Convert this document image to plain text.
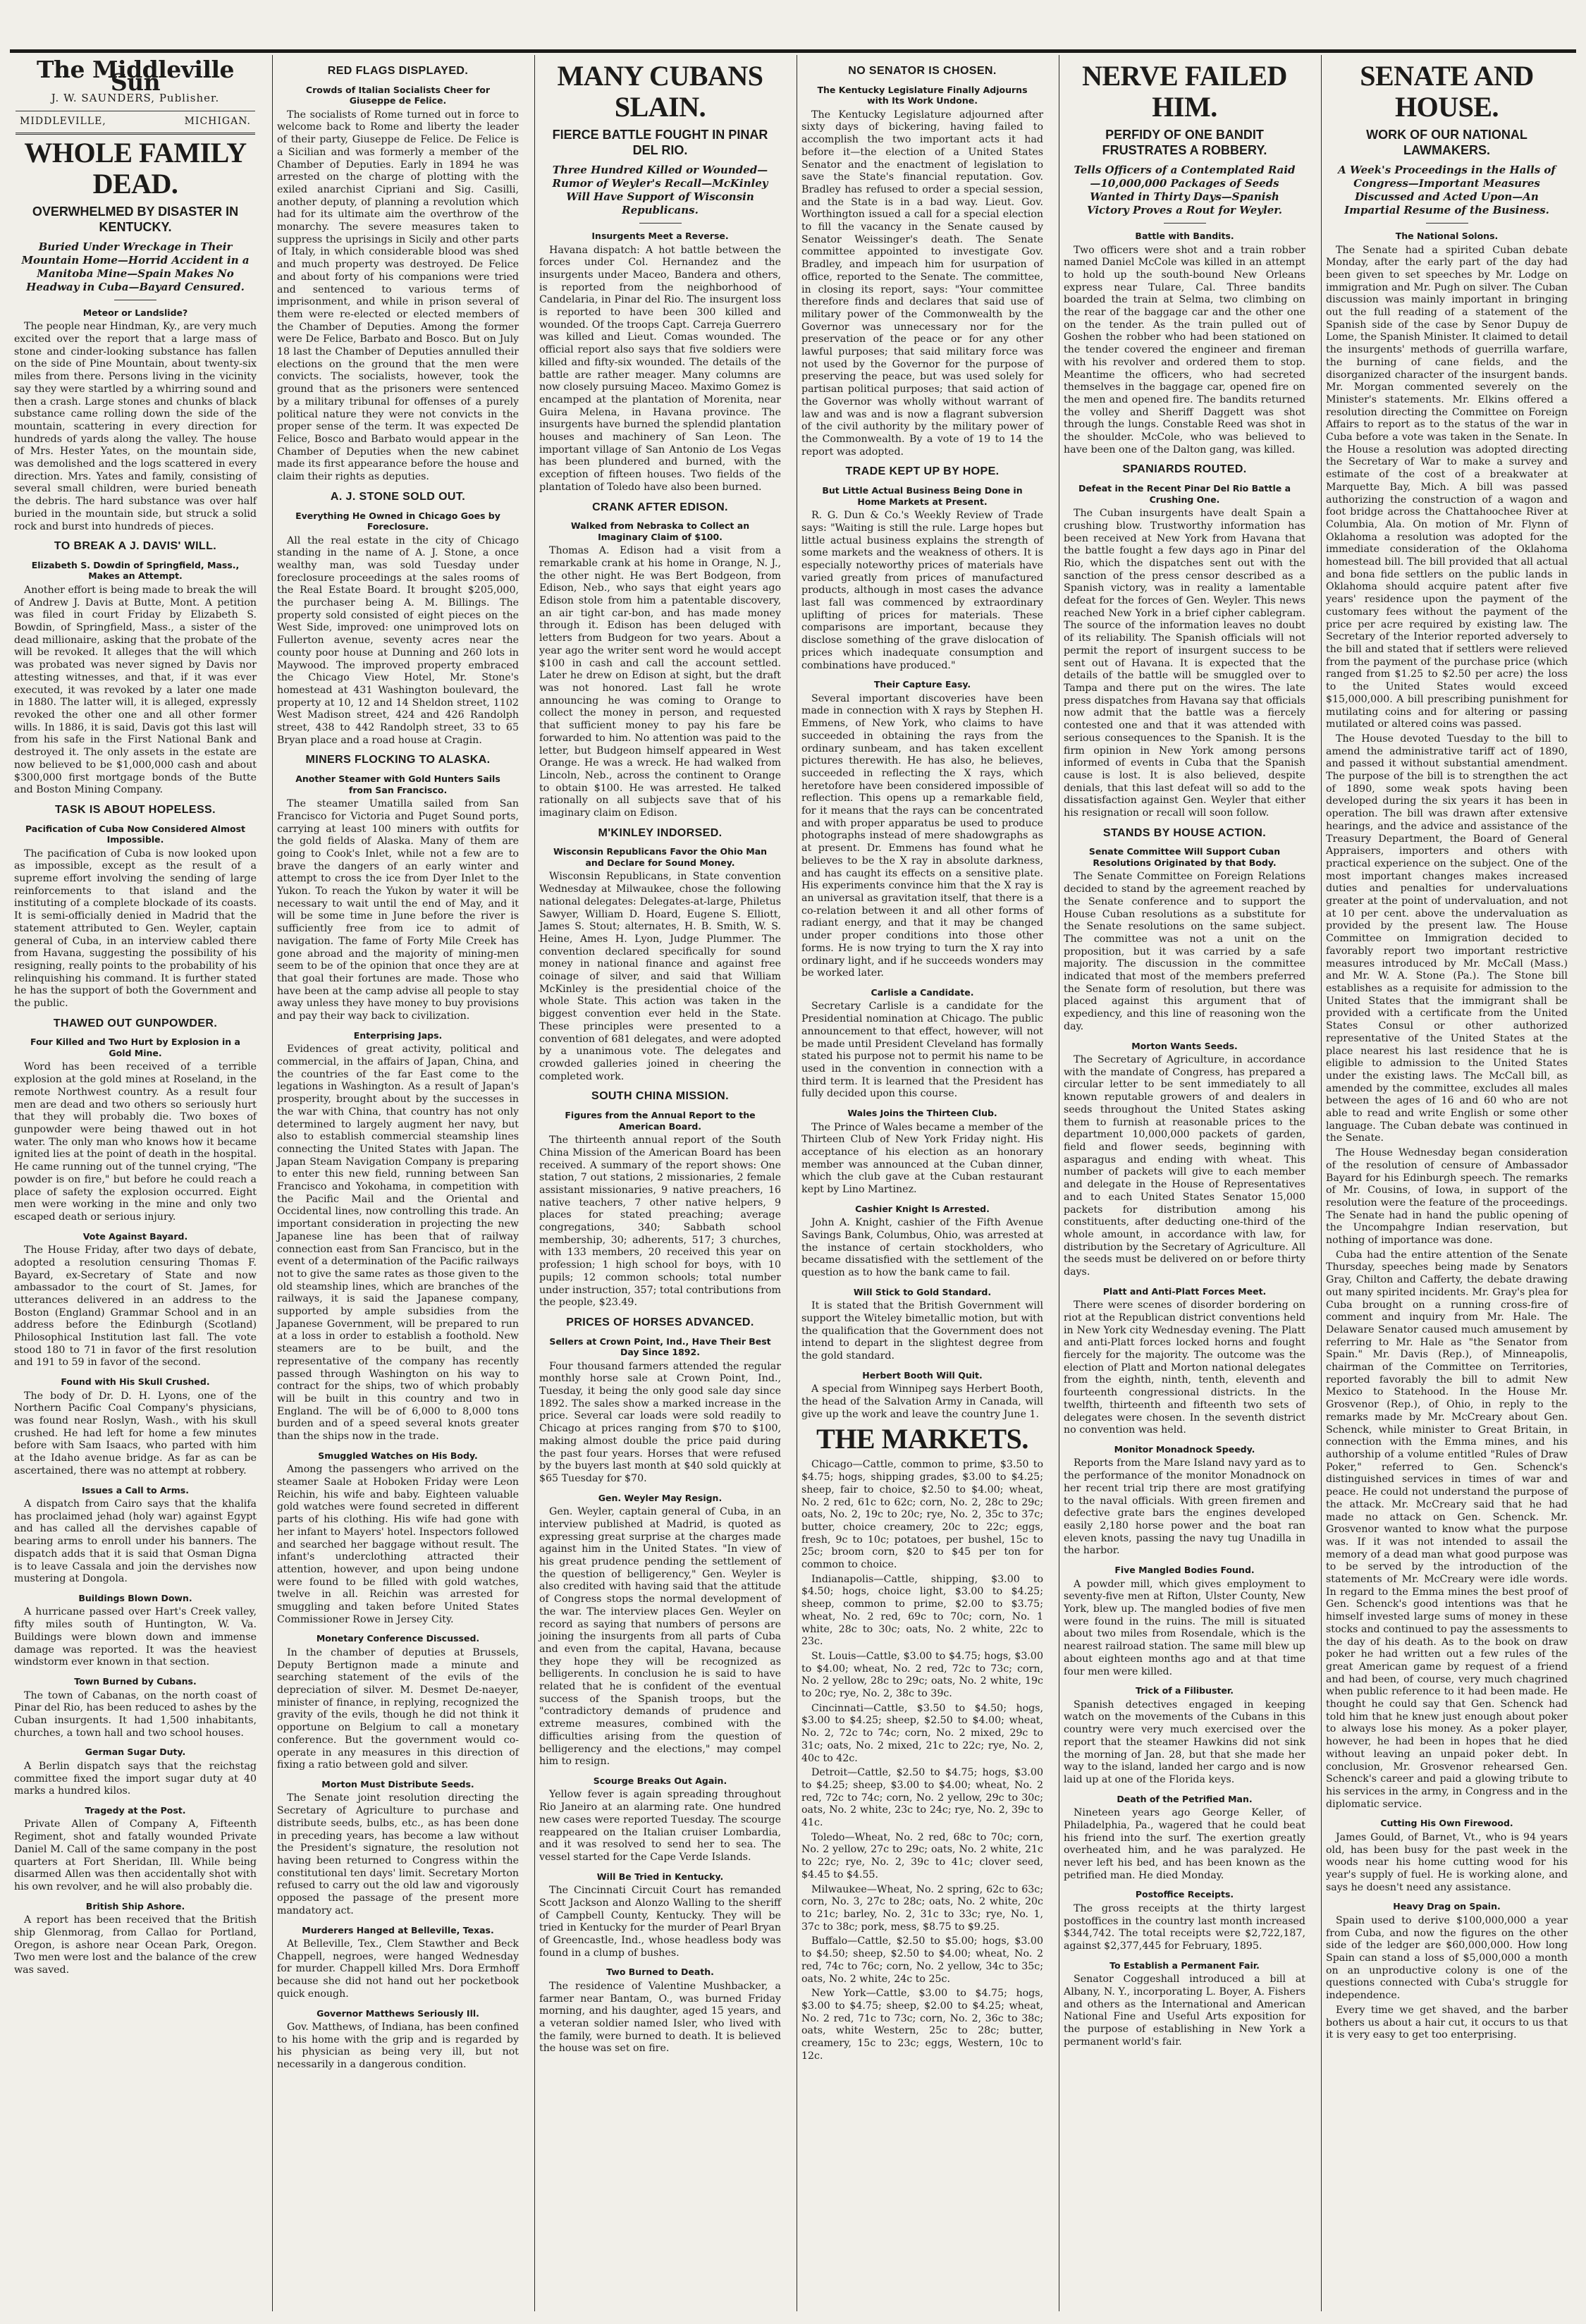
The Middleville Sun
J. W. SAUNDERS, Publisher.
MIDDLEVILLE,	MICHIGAN.
WHOLE FAMILY DEAD.
OVERWHELMED BY DISASTER IN KENTUCKY.
Buried Under Wreckage in Their Mountain Home—Horrid Accident in a Manitoba Mine—Spain Makes No Headway in Cuba—Bayard Censured.
Meteor or Landslide?

The people near Hindman, Ky., are very much excited over the report that a large mass of stone and cinder-looking substance has fallen on the side of Pine Mountain, about twenty-six miles from there. Persons living in the vicinity say they were startled by a whirring sound and then a crash. Large stones and chunks of black substance came rolling down the side of the mountain, scattering in every direction for hundreds of yards along the valley. The house of Mrs. Hester Yates, on the mountain side, was demolished and the logs scattered in every direction. Mrs. Yates and family, consisting of several small children, were buried beneath the debris. The hard substance was over half buried in the mountain side, but struck a solid rock and burst into hundreds of pieces.

TO BREAK A J. DAVIS' WILL.
Elizabeth S. Dowdin of Springfield, Mass., Makes an Attempt.

Another effort is being made to break the will of Andrew J. Davis at Butte, Mont. A petition was filed in court Friday by Elizabeth S. Bowdin, of Springfield, Mass., a sister of the dead millionaire, asking that the probate of the will be revoked. It alleges that the will which was probated was never signed by Davis nor attesting witnesses, and that, if it was ever executed, it was revoked by a later one made in 1880. The latter will, it is alleged, expressly revoked the other one and all other former wills. In 1886, it is said, Davis got this last will from his safe in the First National Bank and destroyed it. The only assets in the estate are now believed to be $1,000,000 cash and about $300,000 first mortgage bonds of the Butte and Boston Mining Company.

TASK IS ABOUT HOPELESS.
Pacification of Cuba Now Considered Almost Impossible.

The pacification of Cuba is now looked upon as impossible, except as the result of a supreme effort involving the sending of large reinforcements to that island and the instituting of a complete blockade of its coasts. It is semi-officially denied in Madrid that the statement attributed to Gen. Weyler, captain general of Cuba, in an interview cabled there from Havana, suggesting the possibility of his resigning, really points to the probability of his relinquishing his command. It is further stated he has the support of both the Government and the public.

THAWED OUT GUNPOWDER.
Four Killed and Two Hurt by Explosion in a Gold Mine.

Word has been received of a terrible explosion at the gold mines at Roseland, in the remote Northwest country. As a result four men are dead and two others so seriously hurt that they will probably die. Two boxes of gunpowder were being thawed out in hot water. The only man who knows how it became ignited lies at the point of death in the hospital. He came running out of the tunnel crying, "The powder is on fire," but before he could reach a place of safety the explosion occurred. Eight men were working in the mine and only two escaped death or serious injury.

Vote Against Bayard.

The House Friday, after two days of debate, adopted a resolution censuring Thomas F. Bayard, ex-Secretary of State and now ambassador to the court of St. James, for utterances delivered in an address to the Boston (England) Grammar School and in an address before the Edinburgh (Scotland) Philosophical Institution last fall. The vote stood 180 to 71 in favor of the first resolution and 191 to 59 in favor of the second.

Found with His Skull Crushed.

The body of Dr. D. H. Lyons, one of the Northern Pacific Coal Company's physicians, was found near Roslyn, Wash., with his skull crushed. He had left for home a few minutes before with Sam Isaacs, who parted with him at the Idaho avenue bridge. As far as can be ascertained, there was no attempt at robbery.

Issues a Call to Arms.

A dispatch from Cairo says that the khalifa has proclaimed jehad (holy war) against Egypt and has called all the dervishes capable of bearing arms to enroll under his banners. The dispatch adds that it is said that Osman Digna is to leave Cassala and join the dervishes now mustering at Dongola.

Buildings Blown Down.

A hurricane passed over Hart's Creek valley, fifty miles south of Huntington, W. Va. Buildings were blown down and immense damage was reported. It was the heaviest windstorm ever known in that section.

Town Burned by Cubans.

The town of Cabanas, on the north coast of Pinar del Rio, has been reduced to ashes by the Cuban insurgents. It had 1,500 inhabitants, churches, a town hall and two school houses.

German Sugar Duty.

A Berlin dispatch says that the reichstag committee fixed the import sugar duty at 40 marks a hundred kilos.

Tragedy at the Post.

Private Allen of Company A, Fifteenth Regiment, shot and fatally wounded Private Daniel M. Call of the same company in the post quarters at Fort Sheridan, Ill. While being disarmed Allen was then accidentally shot with his own revolver, and he will also probably die.

British Ship Ashore.

A report has been received that the British ship Glenmorag, from Callao for Portland, Oregon, is ashore near Ocean Park, Oregon. Two men were lost and the balance of the crew was saved.

RED FLAGS DISPLAYED.
Crowds of Italian Socialists Cheer for Giuseppe de Felice.

The socialists of Rome turned out in force to welcome back to Rome and liberty the leader of their party, Giuseppe de Felice. De Felice is a Sicilian and was formerly a member of the Chamber of Deputies. Early in 1894 he was arrested on the charge of plotting with the exiled anarchist Cipriani and Sig. Casilli, another deputy, of planning a revolution which had for its ultimate aim the overthrow of the monarchy. The severe measures taken to suppress the uprisings in Sicily and other parts of Italy, in which considerable blood was shed and much property was destroyed. De Felice and about forty of his companions were tried and sentenced to various terms of imprisonment, and while in prison several of them were re-elected or elected members of the Chamber of Deputies. Among the former were De Felice, Barbato and Bosco. But on July 18 last the Chamber of Deputies annulled their elections on the ground that the men were convicts. The socialists, however, took the ground that as the prisoners were sentenced by a military tribunal for offenses of a purely political nature they were not convicts in the proper sense of the term. It was expected De Felice, Bosco and Barbato would appear in the Chamber of Deputies when the new cabinet made its first appearance before the house and claim their rights as deputies.

A. J. STONE SOLD OUT.
Everything He Owned in Chicago Goes by Foreclosure.

All the real estate in the city of Chicago standing in the name of A. J. Stone, a once wealthy man, was sold Tuesday under foreclosure proceedings at the sales rooms of the Real Estate Board. It brought $205,000, the purchaser being A. M. Billings. The property sold consisted of eight pieces on the West Side, improved: one unimproved lots on Fullerton avenue, seventy acres near the county poor house at Dunning and 260 lots in Maywood. The improved property embraced the Chicago View Hotel, Mr. Stone's homestead at 431 Washington boulevard, the property at 10, 12 and 14 Sheldon street, 1102 West Madison street, 424 and 426 Randolph street, 438 to 442 Randolph street, 33 to 65 Bryan place and a road house at Cragin.

MINERS FLOCKING TO ALASKA.
Another Steamer with Gold Hunters Sails from San Francisco.

The steamer Umatilla sailed from San Francisco for Victoria and Puget Sound ports, carrying at least 100 miners with outfits for the gold fields of Alaska. Many of them are going to Cook's Inlet, while not a few are to brave the dangers of an early winter and attempt to cross the ice from Dyer Inlet to the Yukon. To reach the Yukon by water it will be necessary to wait until the end of May, and it will be some time in June before the river is sufficiently free from ice to admit of navigation. The fame of Forty Mile Creek has gone abroad and the majority of mining-men seem to be of the opinion that once they are at that goal their fortunes are made. Those who have been at the camp advise all people to stay away unless they have money to buy provisions and pay their way back to civilization.

Enterprising Japs.

Evidences of great activity, political and commercial, in the affairs of Japan, China, and the countries of the far East come to the legations in Washington. As a result of Japan's prosperity, brought about by the successes in the war with China, that country has not only determined to largely augment her navy, but also to establish commercial steamship lines connecting the United States with Japan. The Japan Steam Navigation Company is preparing to enter this new field, running between San Francisco and Yokohama, in competition with the Pacific Mail and the Oriental and Occidental lines, now controlling this trade. An important consideration in projecting the new Japanese line has been that of railway connection east from San Francisco, but in the event of a determination of the Pacific railways not to give the same rates as those given to the old steamship lines, which are branches of the railways, it is said the Japanese company, supported by ample subsidies from the Japanese Government, will be prepared to run at a loss in order to establish a foothold. New steamers are to be built, and the representative of the company has recently passed through Washington on his way to contract for the ships, two of which probably will be built in this country and two in England. The will be of 6,000 to 8,000 tons burden and of a speed several knots greater than the ships now in the trade.

Smuggled Watches on His Body.

Among the passengers who arrived on the steamer Saale at Hoboken Friday were Leon Reichin, his wife and baby. Eighteen valuable gold watches were found secreted in different parts of his clothing. His wife had gone with her infant to Mayers' hotel. Inspectors followed and searched her baggage without result. The infant's underclothing attracted their attention, however, and upon being undone were found to be filled with gold watches, twelve in all. Reichin was arrested for smuggling and taken before United States Commissioner Rowe in Jersey City.

Monetary Conference Discussed.

In the chamber of deputies at Brussels, Deputy Bertignon made a minute and searching statement of the evils of the depreciation of silver. M. Desmet De-naeyer, minister of finance, in replying, recognized the gravity of the evils, though he did not think it opportune on Belgium to call a monetary conference. But the government would co-operate in any measures in this direction of fixing a ratio between gold and silver.

Morton Must Distribute Seeds.

The Senate joint resolution directing the Secretary of Agriculture to purchase and distribute seeds, bulbs, etc., as has been done in preceding years, has become a law without the President's signature, the resolution not having been returned to Congress within the constitutional ten days' limit. Secretary Morton refused to carry out the old law and vigorously opposed the passage of the present more mandatory act.

Murderers Hanged at Belleville, Texas.

At Belleville, Tex., Clem Stawther and Beck Chappell, negroes, were hanged Wednesday for murder. Chappell killed Mrs. Dora Ermhoff because she did not hand out her pocketbook quick enough.

Governor Matthews Seriously Ill.

Gov. Matthews, of Indiana, has been confined to his home with the grip and is regarded by his physician as being very ill, but not necessarily in a dangerous condition.

MANY CUBANS SLAIN.
FIERCE BATTLE FOUGHT IN PINAR DEL RIO.
Three Hundred Killed or Wounded—Rumor of Weyler's Recall—McKinley Will Have Support of Wisconsin Republicans.
Insurgents Meet a Reverse.

Havana dispatch: A hot battle between the forces under Col. Hernandez and the insurgents under Maceo, Bandera and others, is reported from the neighborhood of Candelaria, in Pinar del Rio. The insurgent loss is reported to have been 300 killed and wounded. Of the troops Capt. Carreja Guerrero was killed and Lieut. Comas wounded. The official report also says that five soldiers were killed and fifty-six wounded. The details of the battle are rather meager. Many columns are now closely pursuing Maceo. Maximo Gomez is encamped at the plantation of Morenita, near Guira Melena, in Havana province. The insurgents have burned the splendid plantation houses and machinery of San Leon. The important village of San Antonio de Los Vegas has been plundered and burned, with the exception of fifteen houses. Two fields of the plantation of Toledo have also been burned.

CRANK AFTER EDISON.
Walked from Nebraska to Collect an Imaginary Claim of $100.

Thomas A. Edison had a visit from a remarkable crank at his home in Orange, N. J., the other night. He was Bert Bodgeon, from Edison, Neb., who says that eight years ago Edison stole from him a patentable discovery, an air tight car-bon, and has made money through it. Edison has been deluged with letters from Budgeon for two years. About a year ago the writer sent word he would accept $100 in cash and call the account settled. Later he drew on Edison at sight, but the draft was not honored. Last fall he wrote announcing he was coming to Orange to collect the money in person, and requested that sufficient money to pay his fare be forwarded to him. No attention was paid to the letter, but Budgeon himself appeared in West Orange. He was a wreck. He had walked from Lincoln, Neb., across the continent to Orange to obtain $100. He was arrested. He talked rationally on all subjects save that of his imaginary claim on Edison.

M'KINLEY INDORSED.
Wisconsin Republicans Favor the Ohio Man and Declare for Sound Money.

Wisconsin Republicans, in State convention Wednesday at Milwaukee, chose the following national delegates: Delegates-at-large, Philetus Sawyer, William D. Hoard, Eugene S. Elliott, James S. Stout; alternates, H. B. Smith, W. S. Heine, Ames H. Lyon, Judge Plummer. The convention declared specifically for sound money in national finance and against free coinage of silver, and said that William McKinley is the presidential choice of the whole State. This action was taken in the biggest convention ever held in the State. These principles were presented to a convention of 681 delegates, and were adopted by a unanimous vote. The delegates and crowded galleries joined in cheering the completed work.

SOUTH CHINA MISSION.
Figures from the Annual Report to the American Board.

The thirteenth annual report of the South China Mission of the American Board has been received. A summary of the report shows: One station, 7 out stations, 2 missionaries, 2 female assistant missionaries, 9 native preachers, 16 native teachers, 7 other native helpers, 9 places for stated preaching; average congregations, 340; Sabbath school membership, 30; adherents, 517; 3 churches, with 133 members, 20 received this year on profession; 1 high school for boys, with 10 pupils; 12 common schools; total number under instruction, 357; total contributions from the people, $23.49.

PRICES OF HORSES ADVANCED.
Sellers at Crown Point, Ind., Have Their Best Day Since 1892.

Four thousand farmers attended the regular monthly horse sale at Crown Point, Ind., Tuesday, it being the only good sale day since 1892. The sales show a marked increase in the price. Several car loads were sold readily to Chicago at prices ranging from $70 to $100, making almost double the price paid during the past four years. Horses that were refused by the buyers last month at $40 sold quickly at $65 Tuesday for $70.

Gen. Weyler May Resign.

Gen. Weyler, captain general of Cuba, in an interview published at Madrid, is quoted as expressing great surprise at the charges made against him in the United States. "In view of his great prudence pending the settlement of the question of belligerency," Gen. Weyler is also credited with having said that the attitude of Congress stops the normal development of the war. The interview places Gen. Weyler on record as saying that numbers of persons are joining the insurgents from all parts of Cuba and even from the capital, Havana, because they hope they will be recognized as belligerents. In conclusion he is said to have related that he is confident of the eventual success of the Spanish troops, but the "contradictory demands of prudence and extreme measures, combined with the difficulties arising from the question of belligerency and the elections," may compel him to resign.

Scourge Breaks Out Again.

Yellow fever is again spreading throughout Rio Janeiro at an alarming rate. One hundred new cases were reported Tuesday. The scourge reappeared on the Italian cruiser Lombardia, and it was resolved to send her to sea. The vessel started for the Cape Verde Islands.

Will Be Tried in Kentucky.

The Cincinnati Circuit Court has remanded Scott Jackson and Alonzo Walling to the sheriff of Campbell County, Kentucky. They will be tried in Kentucky for the murder of Pearl Bryan of Greencastle, Ind., whose headless body was found in a clump of bushes.

Two Burned to Death.

The residence of Valentine Mushbacker, a farmer near Bantam, O., was burned Friday morning, and his daughter, aged 15 years, and a veteran soldier named Isler, who lived with the family, were burned to death. It is believed the house was set on fire.

NO SENATOR IS CHOSEN.
The Kentucky Legislature Finally Adjourns with Its Work Undone.

The Kentucky Legislature adjourned after sixty days of bickering, having failed to accomplish the two important acts it had before it—the election of a United States Senator and the enactment of legislation to save the State's financial reputation. Gov. Bradley has refused to order a special session, and the State is in a bad way. Lieut. Gov. Worthington issued a call for a special election to fill the vacancy in the Senate caused by Senator Weissinger's death. The Senate committee appointed to investigate Gov. Bradley, and impeach him for usurpation of office, reported to the Senate. The committee, in closing its report, says: "Your committee therefore finds and declares that said use of military power of the Commonwealth by the Governor was unnecessary nor for the preservation of the peace or for any other lawful purposes; that said military force was not used by the Governor for the purpose of preserving the peace, but was used solely for partisan political purposes; that said action of the Governor was wholly without warrant of law and was and is now a flagrant subversion of the civil authority by the military power of the Commonwealth. By a vote of 19 to 14 the report was adopted.

TRADE KEPT UP BY HOPE.
But Little Actual Business Being Done in Home Markets at Present.

R. G. Dun & Co.'s Weekly Review of Trade says: "Waiting is still the rule. Large hopes but little actual business explains the strength of some markets and the weakness of others. It is especially noteworthy prices of materials have varied greatly from prices of manufactured products, although in most cases the advance last fall was commenced by extraordinary uplifting of prices for materials. These comparisons are important, because they disclose something of the grave dislocation of prices which inadequate consumption and combinations have produced."

Their Capture Easy.

Several important discoveries have been made in connection with X rays by Stephen H. Emmens, of New York, who claims to have succeeded in obtaining the rays from the ordinary sunbeam, and has taken excellent pictures therewith. He has also, he believes, succeeded in reflecting the X rays, which heretofore have been considered impossible of reflection. This opens up a remarkable field, for it means that the rays can be concentrated and with proper apparatus be used to produce photographs instead of mere shadowgraphs as at present. Dr. Emmens has found what he believes to be the X ray in absolute darkness, and has caught its effects on a sensitive plate. His experiments convince him that the X ray is an universal as gravitation itself, that there is a co-relation between it and all other forms of radiant energy, and that it may be changed under proper conditions into those other forms. He is now trying to turn the X ray into ordinary light, and if he succeeds wonders may be worked later.

Carlisle a Candidate.

Secretary Carlisle is a candidate for the Presidential nomination at Chicago. The public announcement to that effect, however, will not be made until President Cleveland has formally stated his purpose not to permit his name to be used in the convention in connection with a third term. It is learned that the President has fully decided upon this course.

Wales Joins the Thirteen Club.

The Prince of Wales became a member of the Thirteen Club of New York Friday night. His acceptance of his election as an honorary member was announced at the Cuban dinner, which the club gave at the Cuban restaurant kept by Lino Martinez.

Cashier Knight Is Arrested.

John A. Knight, cashier of the Fifth Avenue Savings Bank, Columbus, Ohio, was arrested at the instance of certain stockholders, who became dissatisfied with the settlement of the question as to how the bank came to fail.

Will Stick to Gold Standard.

It is stated that the British Government will support the Witeley bimetallic motion, but with the qualification that the Government does not intend to depart in the slightest degree from the gold standard.

Herbert Booth Will Quit.

A special from Winnipeg says Herbert Booth, the head of the Salvation Army in Canada, will give up the work and leave the country June 1.

THE MARKETS.

Chicago—Cattle, common to prime, $3.50 to $4.75; hogs, shipping grades, $3.00 to $4.25; sheep, fair to choice, $2.50 to $4.00; wheat, No. 2 red, 61c to 62c; corn, No. 2, 28c to 29c; oats, No. 2, 19c to 20c; rye, No. 2, 35c to 37c; butter, choice creamery, 20c to 22c; eggs, fresh, 9c to 10c; potatoes, per bushel, 15c to 25c; broom corn, $20 to $45 per ton for common to choice.

Indianapolis—Cattle, shipping, $3.00 to $4.50; hogs, choice light, $3.00 to $4.25; sheep, common to prime, $2.00 to $3.75; wheat, No. 2 red, 69c to 70c; corn, No. 1 white, 28c to 30c; oats, No. 2 white, 22c to 23c.

St. Louis—Cattle, $3.00 to $4.75; hogs, $3.00 to $4.00; wheat, No. 2 red, 72c to 73c; corn, No. 2 yellow, 28c to 29c; oats, No. 2 white, 19c to 20c; rye, No. 2, 38c to 39c.

Cincinnati—Cattle, $3.50 to $4.50; hogs, $3.00 to $4.25; sheep, $2.50 to $4.00; wheat, No. 2, 72c to 74c; corn, No. 2 mixed, 29c to 31c; oats, No. 2 mixed, 21c to 22c; rye, No. 2, 40c to 42c.

Detroit—Cattle, $2.50 to $4.75; hogs, $3.00 to $4.25; sheep, $3.00 to $4.00; wheat, No. 2 red, 72c to 74c; corn, No. 2 yellow, 29c to 30c; oats, No. 2 white, 23c to 24c; rye, No. 2, 39c to 41c.

Toledo—Wheat, No. 2 red, 68c to 70c; corn, No. 2 yellow, 27c to 29c; oats, No. 2 white, 21c to 22c; rye, No. 2, 39c to 41c; clover seed, $4.45 to $4.55.

Milwaukee—Wheat, No. 2 spring, 62c to 63c; corn, No. 3, 27c to 28c; oats, No. 2 white, 20c to 21c; barley, No. 2, 31c to 33c; rye, No. 1, 37c to 38c; pork, mess, $8.75 to $9.25.

Buffalo—Cattle, $2.50 to $5.00; hogs, $3.00 to $4.50; sheep, $2.50 to $4.00; wheat, No. 2 red, 74c to 76c; corn, No. 2 yellow, 34c to 35c; oats, No. 2 white, 24c to 25c.

New York—Cattle, $3.00 to $4.75; hogs, $3.00 to $4.75; sheep, $2.00 to $4.25; wheat, No. 2 red, 71c to 73c; corn, No. 2, 36c to 38c; oats, white Western, 25c to 28c; butter, creamery, 15c to 23c; eggs, Western, 10c to 12c.

NERVE FAILED HIM.
PERFIDY OF ONE BANDIT FRUSTRATES A ROBBERY.
Tells Officers of a Contemplated Raid —10,000,000 Packages of Seeds Wanted in Thirty Days—Spanish Victory Proves a Rout for Weyler.
Battle with Bandits.

Two officers were shot and a train robber named Daniel McCole was killed in an attempt to hold up the south-bound New Orleans express near Tulare, Cal. Three bandits boarded the train at Selma, two climbing on the rear of the baggage car and the other one on the tender. As the train pulled out of Goshen the robber who had been stationed on the tender covered the engineer and fireman with his revolver and ordered them to stop. Meantime the officers, who had secreted themselves in the baggage car, opened fire on the men and opened fire. The bandits returned the volley and Sheriff Daggett was shot through the lungs. Constable Reed was shot in the shoulder. McCole, who was believed to have been one of the Dalton gang, was killed.

SPANIARDS ROUTED.
Defeat in the Recent Pinar Del Rio Battle a Crushing One.

The Cuban insurgents have dealt Spain a crushing blow. Trustworthy information has been received at New York from Havana that the battle fought a few days ago in Pinar del Rio, which the dispatches sent out with the sanction of the press censor described as a Spanish victory, was in reality a lamentable defeat for the forces of Gen. Weyler. This news reached New York in a brief cipher cablegram. The source of the information leaves no doubt of its reliability. The Spanish officials will not permit the report of insurgent success to be sent out of Havana. It is expected that the details of the battle will be smuggled over to Tampa and there put on the wires. The late press dispatches from Havana say that officials now admit that the battle was a fiercely contested one and that it was attended with serious consequences to the Spanish. It is the firm opinion in New York among persons informed of events in Cuba that the Spanish cause is lost. It is also believed, despite denials, that this last defeat will so add to the dissatisfaction against Gen. Weyler that either his resignation or recall will soon follow.

STANDS BY HOUSE ACTION.
Senate Committee Will Support Cuban Resolutions Originated by that Body.

The Senate Committee on Foreign Relations decided to stand by the agreement reached by the Senate conference and to support the House Cuban resolutions as a substitute for the Senate resolutions on the same subject. The committee was not a unit on the proposition, but it was carried by a safe majority. The discussion in the committee indicated that most of the members preferred the Senate form of resolution, but there was placed against this argument that of expediency, and this line of reasoning won the day.

Morton Wants Seeds.

The Secretary of Agriculture, in accordance with the mandate of Congress, has prepared a circular letter to be sent immediately to all known reputable growers of and dealers in seeds throughout the United States asking them to furnish at reasonable prices to the department 10,000,000 packets of garden, field and flower seeds, beginning with asparagus and ending with wheat. This number of packets will give to each member and delegate in the House of Representatives and to each United States Senator 15,000 packets for distribution among his constituents, after deducting one-third of the whole amount, in accordance with law, for distribution by the Secretary of Agriculture. All the seeds must be delivered on or before thirty days.

Platt and Anti-Platt Forces Meet.

There were scenes of disorder bordering on riot at the Republican district conventions held in New York city Wednesday evening. The Platt and anti-Platt forces locked horns and fought fiercely for the majority. The outcome was the election of Platt and Morton national delegates from the eighth, ninth, tenth, eleventh and fourteenth congressional districts. In the twelfth, thirteenth and fifteenth two sets of delegates were chosen. In the seventh district no convention was held.

Monitor Monadnock Speedy.

Reports from the Mare Island navy yard as to the performance of the monitor Monadnock on her recent trial trip there are most gratifying to the naval officials. With green firemen and defective grate bars the engines developed easily 2,180 horse power and the boat ran eleven knots, passing the navy tug Unadilla in the harbor.

Five Mangled Bodies Found.

A powder mill, which gives employment to seventy-five men at Rifton, Ulster County, New York, blew up. The mangled bodies of five men were found in the ruins. The mill is situated about two miles from Rosendale, which is the nearest railroad station. The same mill blew up about eighteen months ago and at that time four men were killed.

Trick of a Filibuster.

Spanish detectives engaged in keeping watch on the movements of the Cubans in this country were very much exercised over the report that the steamer Hawkins did not sink the morning of Jan. 28, but that she made her way to the island, landed her cargo and is now laid up at one of the Florida keys.

Death of the Petrified Man.

Nineteen years ago George Keller, of Philadelphia, Pa., wagered that he could beat his friend into the surf. The exertion greatly overheated him, and he was paralyzed. He never left his bed, and has been known as the petrified man. He died Monday.

Postoffice Receipts.

The gross receipts at the thirty largest postoffices in the country last month increased $344,742. The total receipts were $2,722,187, against $2,377,445 for February, 1895.

To Establish a Permanent Fair.

Senator Coggeshall introduced a bill at Albany, N. Y., incorporating L. Boyer, A. Fishers and others as the International and American National Fine and Useful Arts exposition for the purpose of establishing in New York a permanent world's fair.

SENATE AND HOUSE.
WORK OF OUR NATIONAL LAWMAKERS.
A Week's Proceedings in the Halls of Congress—Important Measures Discussed and Acted Upon—An Impartial Resume of the Business.
The National Solons.

The Senate had a spirited Cuban debate Monday, after the early part of the day had been given to set speeches by Mr. Lodge on immigration and Mr. Pugh on silver. The Cuban discussion was mainly important in bringing out the full reading of a statement of the Spanish side of the case by Senor Dupuy de Lome, the Spanish Minister. It claimed to detail the insurgents' methods of guerrilla warfare, the burning of cane fields, and the disorganized character of the insurgent bands. Mr. Morgan commented severely on the Minister's statements. Mr. Elkins offered a resolution directing the Committee on Foreign Affairs to report as to the status of the war in Cuba before a vote was taken in the Senate. In the House a resolution was adopted directing the Secretary of War to make a survey and estimate of the cost of a breakwater at Marquette Bay, Mich. A bill was passed authorizing the construction of a wagon and foot bridge across the Chattahoochee River at Columbia, Ala. On motion of Mr. Flynn of Oklahoma a resolution was adopted for the immediate consideration of the Oklahoma homestead bill. The bill provided that all actual and bona fide settlers on the public lands in Oklahoma should acquire patent after five years' residence upon the payment of the customary fees without the payment of the price per acre required by existing law. The Secretary of the Interior reported adversely to the bill and stated that if settlers were relieved from the payment of the purchase price (which ranged from $1.25 to $2.50 per acre) the loss to the United States would exceed $15,000,000. A bill prescribing punishment for mutilating coins and for altering or passing mutilated or altered coins was passed.

The House devoted Tuesday to the bill to amend the administrative tariff act of 1890, and passed it without substantial amendment. The purpose of the bill is to strengthen the act of 1890, some weak spots having been developed during the six years it has been in operation. The bill was drawn after extensive hearings, and the advice and assistance of the Treasury Department, the Board of General Appraisers, importers and others with practical experience on the subject. One of the most important changes makes increased duties and penalties for undervaluations greater at the point of undervaluation, and not at 10 per cent. above the undervaluation as provided by the present law. The House Committee on Immigration decided to favorably report two important restrictive measures introduced by Mr. McCall (Mass.) and Mr. W. A. Stone (Pa.). The Stone bill establishes as a requisite for admission to the United States that the immigrant shall be provided with a certificate from the United States Consul or other authorized representative of the United States at the place nearest his last residence that he is eligible to admission to the United States under the existing laws. The McCall bill, as amended by the committee, excludes all males between the ages of 16 and 60 who are not able to read and write English or some other language. The Cuban debate was continued in the Senate.

The House Wednesday began consideration of the resolution of censure of Ambassador Bayard for his Edinburgh speech. The remarks of Mr. Cousins, of Iowa, in support of the resolution were the feature of the proceedings. The Senate had in hand the public opening of the Uncompahgre Indian reservation, but nothing of importance was done.

Cuba had the entire attention of the Senate Thursday, speeches being made by Senators Gray, Chilton and Cafferty, the debate drawing out many spirited incidents. Mr. Gray's plea for Cuba brought on a running cross-fire of comment and inquiry from Mr. Hale. The Delaware Senator caused much amusement by referring to Mr. Hale as "the Senator from Spain." Mr. Davis (Rep.), of Minneapolis, chairman of the Committee on Territories, reported favorably the bill to admit New Mexico to Statehood. In the House Mr. Grosvenor (Rep.), of Ohio, in reply to the remarks made by Mr. McCreary about Gen. Schenck, while minister to Great Britain, in connection with the Emma mines, and his authorship of a volume entitled "Rules of Draw Poker," referred to Gen. Schenck's distinguished services in times of war and peace. He could not understand the purpose of the attack. Mr. McCreary said that he had made no attack on Gen. Schenck. Mr. Grosvenor wanted to know what the purpose was. If it was not intended to assail the memory of a dead man what good purpose was to be served by the introduction of the statements of Mr. McCreary were idle words. In regard to the Emma mines the best proof of Gen. Schenck's good intentions was that he himself invested large sums of money in these stocks and continued to pay the assessments to the day of his death. As to the book on draw poker he had written out a few rules of the great American game by request of a friend and had been, of course, very much chagrined when public reference to it had been made. He thought he could say that Gen. Schenck had told him that he knew just enough about poker to always lose his money. As a poker player, however, he had been in hopes that he died without leaving an unpaid poker debt. In conclusion, Mr. Grosvenor rehearsed Gen. Schenck's career and paid a glowing tribute to his services in the army, in Congress and in the diplomatic service.

Cutting His Own Firewood.

James Gould, of Barnet, Vt., who is 94 years old, has been busy for the past week in the woods near his home cutting wood for his year's supply of fuel. He is working alone, and says he doesn't need any assistance.

Heavy Drag on Spain.

Spain used to derive $100,000,000 a year from Cuba, and now the figures on the other side of the ledger are $60,000,000. How long Spain can stand a loss of $5,000,000 a month on an unproductive colony is one of the questions connected with Cuba's struggle for independence.

Every time we get shaved, and the barber bothers us about a hair cut, it occurs to us that it is very easy to get too enterprising.
